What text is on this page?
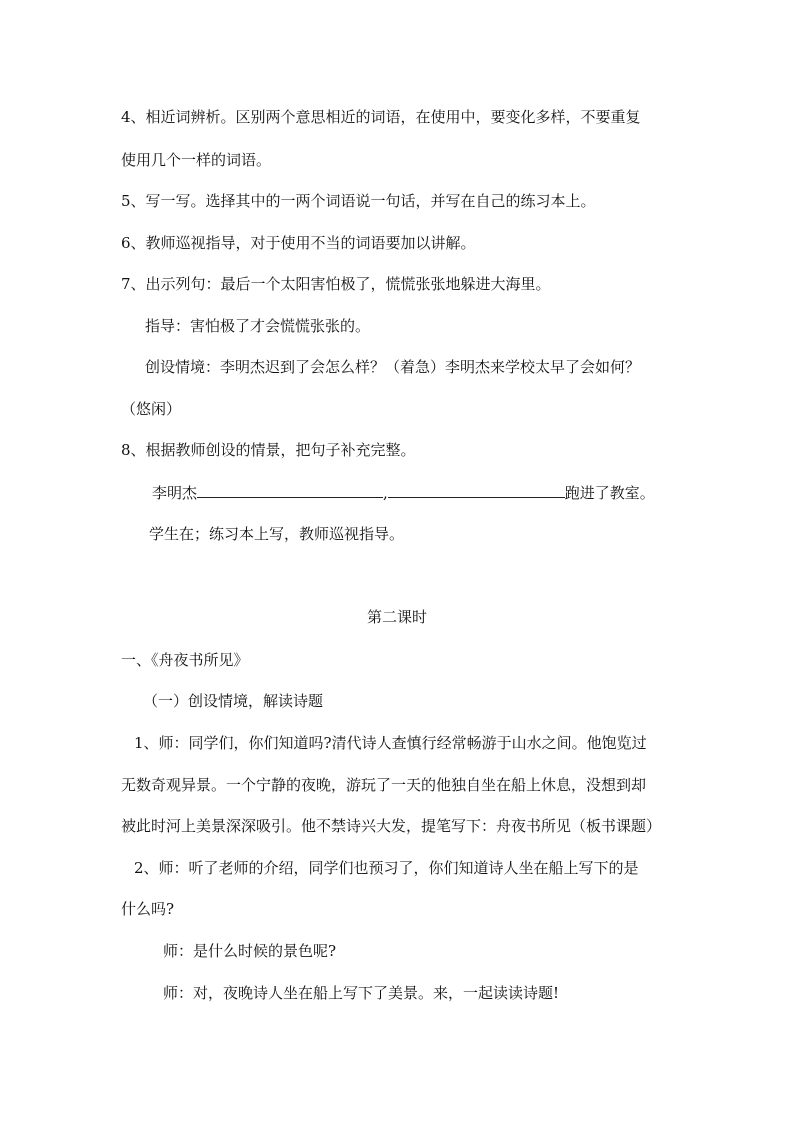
4、相近词辨析。区别两个意思相近的词语，在使用中，要变化多样，不要重复
使用几个一样的词语。
5、写一写。选择其中的一两个词语说一句话，并写在自己的练习本上。
6、教师巡视指导，对于使用不当的词语要加以讲解。
7、出示列句：最后一个太阳害怕极了，慌慌张张地躲进大海里。
指导：害怕极了才会慌慌张张的。
创设情境：李明杰迟到了会怎么样？（着急）李明杰来学校太早了会如何？
（悠闲）
8、根据教师创设的情景，把句子补充完整。
李明杰	,	跑进了教室。
学生在；练习本上写，教师巡视指导。
第二课时
一、《舟夜书所见》
（一）创设情境，解读诗题
1、师：同学们，你们知道吗?清代诗人查慎行经常畅游于山水之间。他饱览过
无数奇观异景。一个宁静的夜晚，游玩了一天的他独自坐在船上休息，没想到却
被此时河上美景深深吸引。他不禁诗兴大发，提笔写下：舟夜书所见（板书课题）
2、师：听了老师的介绍，同学们也预习了，你们知道诗人坐在船上写下的是
什么吗?
师：是什么时候的景色呢?
师：对，夜晚诗人坐在船上写下了美景。来，一起读读诗题!
